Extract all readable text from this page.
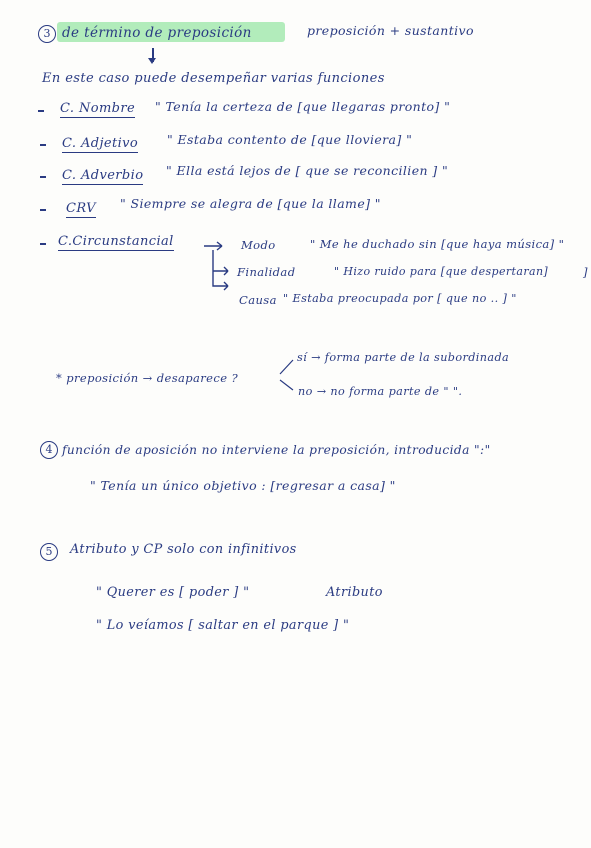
3 de término de preposición	preposición + sustantivo
En este caso puede desempeñar varias funciones
C. Nombre " Tenía la certeza de [que llegaras pronto] "
C. Adjetivo " Estaba contento de [que lloviera] "
C. Adverbio " Ella está lejos de [ que se reconcilien ] "
CRV " Siempre se alegra de [que la llame] "
C.Circunstancial	Modo	" Me he duchado sin [que haya música] "
Finalidad	" Hizo ruido para [que despertaran]	]
Causa " Estaba preocupada por [ que no .. ] "
* preposición → desaparece ?
sí → forma parte de la subordinada
no → no forma parte de " ".
4 función de aposición no interviene la preposición, introducida ":"
" Tenía un único objetivo : [regresar a casa] "
5	Atributo y CP solo con infinitivos
" Querer es [ poder ] "	Atributo
" Lo veíamos [ saltar en el parque ] "
